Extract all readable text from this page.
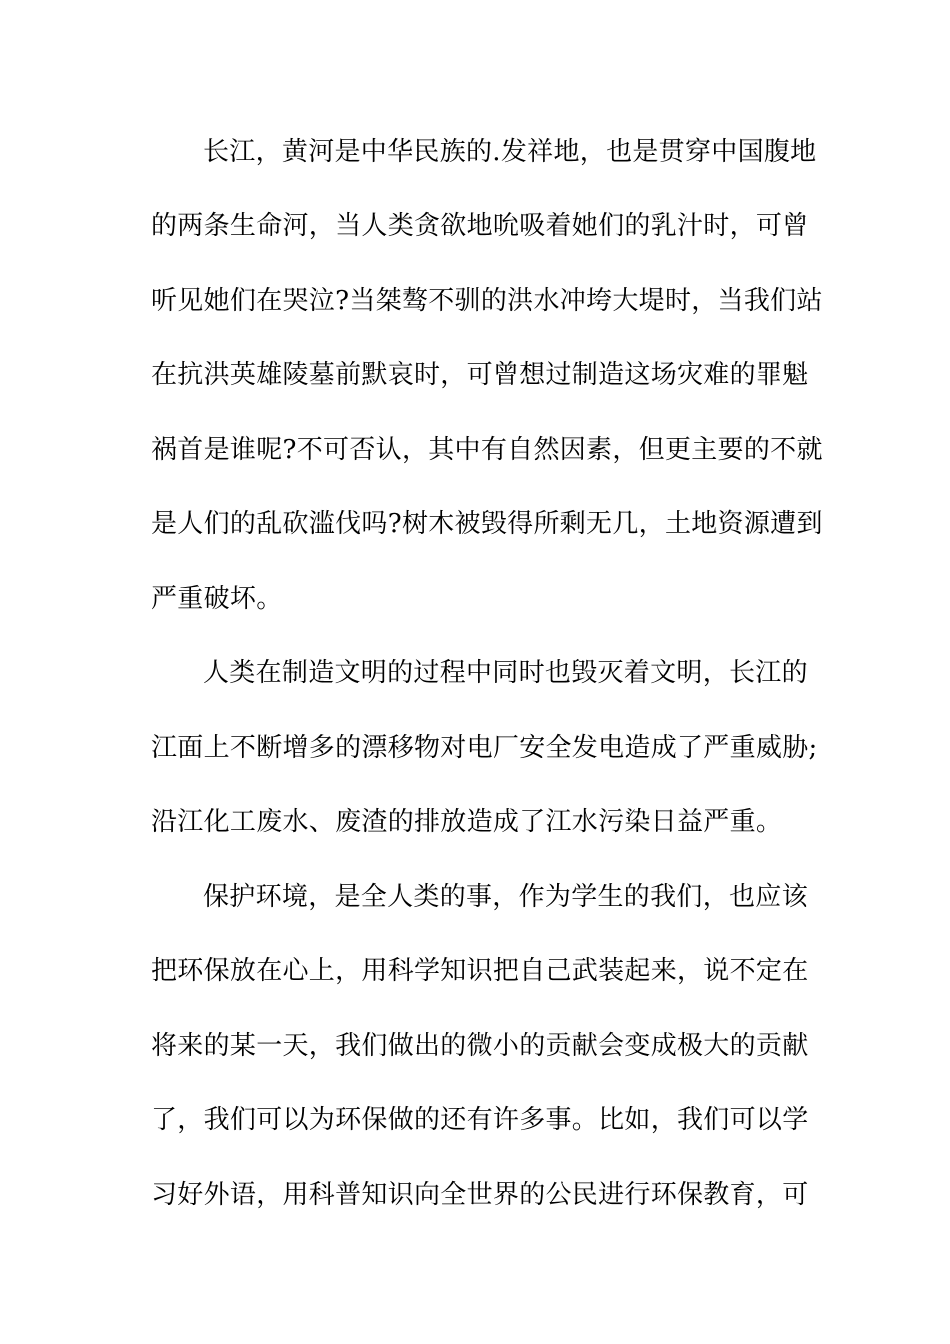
长江，黄河是中华民族的.发祥地，也是贯穿中国腹地
的两条生命河，当人类贪欲地吮吸着她们的乳汁时，可曾
听见她们在哭泣?当桀骜不驯的洪水冲垮大堤时，当我们站
在抗洪英雄陵墓前默哀时，可曾想过制造这场灾难的罪魁
祸首是谁呢?不可否认，其中有自然因素，但更主要的不就
是人们的乱砍滥伐吗?树木被毁得所剩无几，土地资源遭到
严重破坏。
人类在制造文明的过程中同时也毁灭着文明，长江的
江面上不断增多的漂移物对电厂安全发电造成了严重威胁;
沿江化工废水、废渣的排放造成了江水污染日益严重。
保护环境，是全人类的事，作为学生的我们，也应该
把环保放在心上，用科学知识把自己武装起来，说不定在
将来的某一天，我们做出的微小的贡献会变成极大的贡献
了，我们可以为环保做的还有许多事。比如，我们可以学
习好外语，用科普知识向全世界的公民进行环保教育，可
